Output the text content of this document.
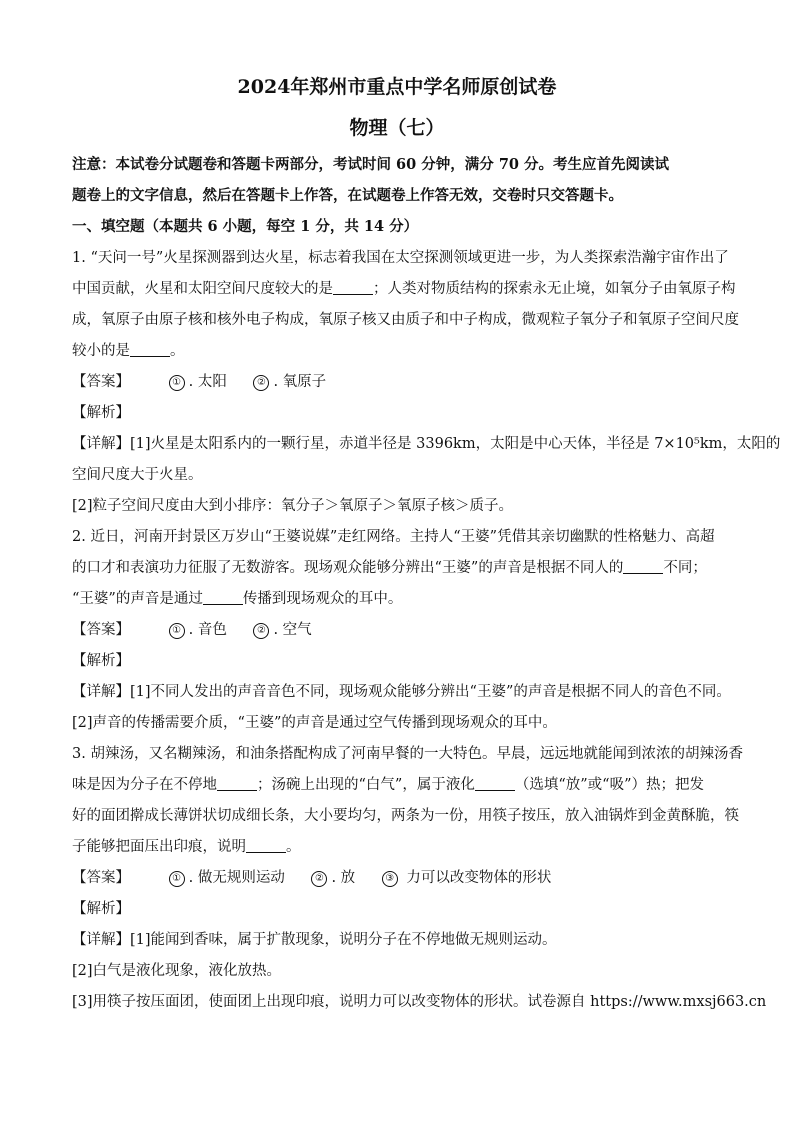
2024年郑州市重点中学名师原创试卷
物理（七）
注意：本试卷分试题卷和答题卡两部分，考试时间 60 分钟，满分 70 分。考生应首先阅读试
题卷上的文字信息，然后在答题卡上作答，在试题卷上作答无效，交卷时只交答题卡。
一、填空题（本题共 6 小题，每空 1 分，共 14 分）
1. “天问一号”火星探测器到达火星，标志着我国在太空探测领域更进一步，为人类探索浩瀚宇宙作出了
中国贡献，火星和太阳空间尺度较大的是	；人类对物质结构的探索永无止境，如氧分子由氧原子构
成，氧原子由原子核和核外电子构成，氧原子核又由质子和中子构成，微观粒子氧分子和氧原子空间尺度
较小的是	。
【答案】	① . 太阳	② . 氧原子
【解析】
【详解】[1]火星是太阳系内的一颗行星，赤道半径是 3396km，太阳是中心天体，半径是 7×10⁵km，太阳的
空间尺度大于火星。
[2]粒子空间尺度由大到小排序：氧分子＞氧原子＞氧原子核＞质子。
2. 近日，河南开封景区万岁山“王婆说媒”走红网络。主持人“王婆”凭借其亲切幽默的性格魅力、高超
的口才和表演功力征服了无数游客。现场观众能够分辨出“王婆”的声音是根据不同人的	不同；
“王婆”的声音是通过	传播到现场观众的耳中。
【答案】	① . 音色	② . 空气
【解析】
【详解】[1]不同人发出的声音音色不同，现场观众能够分辨出“王婆”的声音是根据不同人的音色不同。
[2]声音的传播需要介质，“王婆”的声音是通过空气传播到现场观众的耳中。
3. 胡辣汤，又名糊辣汤，和油条搭配构成了河南早餐的一大特色。早晨，远远地就能闻到浓浓的胡辣汤香
味是因为分子在不停地	；汤碗上出现的“白气”，属于液化	（选填“放”或“吸”）热；把发
好的面团擀成长薄饼状切成细长条，大小要均匀，两条为一份，用筷子按压，放入油锅炸到金黄酥脆，筷
子能够把面压出印痕，说明	。
【答案】	① . 做无规则运动	② . 放	③ 力可以改变物体的形状
【解析】
【详解】[1]能闻到香味，属于扩散现象，说明分子在不停地做无规则运动。
[2]白气是液化现象，液化放热。
[3]用筷子按压面团，使面团上出现印痕，说明力可以改变物体的形状。试卷源自 https://www.mxsj663.cn
